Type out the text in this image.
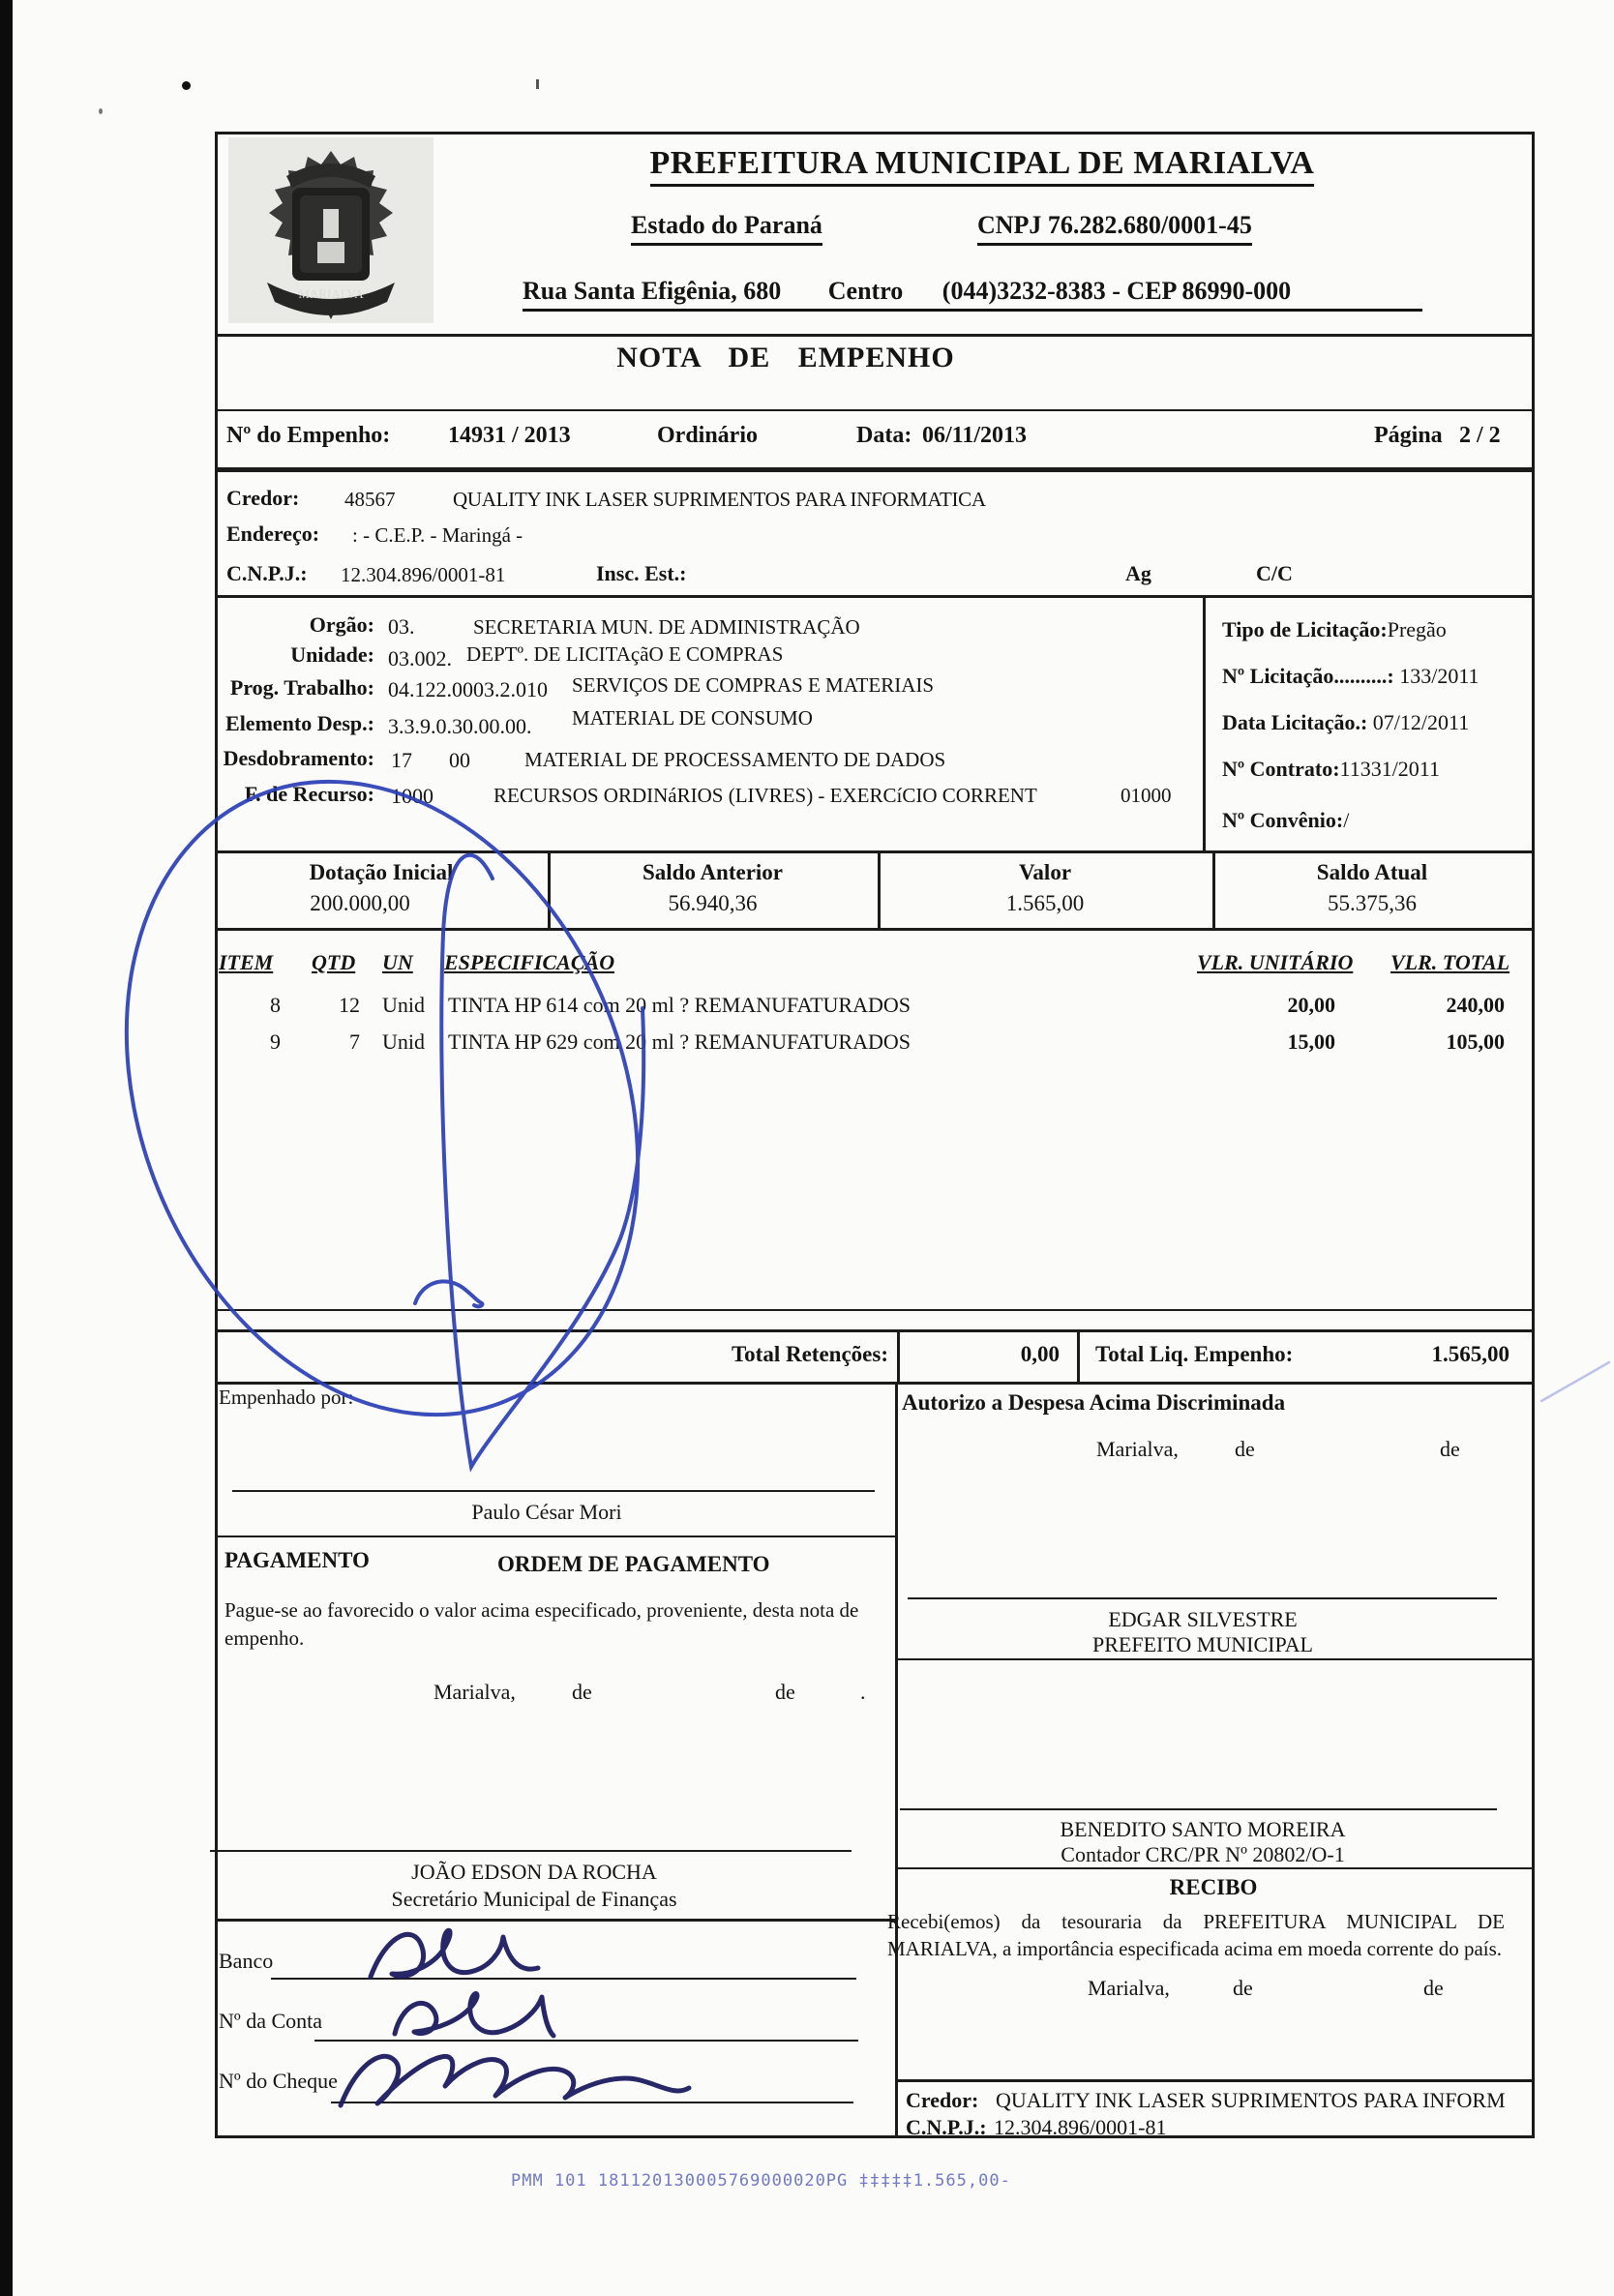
MARIALVA
PREFEITURA MUNICIPAL DE MARIALVA
Estado do Paraná	CNPJ 76.282.680/0001-45
Rua Santa Efigênia, 680 Centro (044)3232-8383 - CEP 86990-000
NOTA DE EMPENHO
Nº do Empenho: 14931 / 2013	Ordinário	Data: 06/11/2013	Página 2 / 2
Credor: 48567	QUALITY INK LASER SUPRIMENTOS PARA INFORMATICA
Endereço: : - C.E.P. - Maringá -
C.N.P.J.: 12.304.896/0001-81	Insc. Est.:	Ag	C/C
Orgão: 03.	SECRETARIA MUN. DE ADMINISTRAÇÃO
Unidade: 03.002. DEPTº. DE LICITAçãO E COMPRAS
Prog. Trabalho: 04.122.0003.2.010 SERVIÇOS DE COMPRAS E MATERIAIS
Elemento Desp.: 3.3.9.0.30.00.00. MATERIAL DE CONSUMO
Desdobramento: 17 00	MATERIAL DE PROCESSAMENTO DE DADOS
F. de Recurso: 1000	RECURSOS ORDINáRIOS (LIVRES) - EXERCíCIO CORRENT	01000
Tipo de Licitação:Pregão
Nº Licitação..........: 133/2011
Data Licitação.: 07/12/2011
Nº Contrato:11331/2011
Nº Convênio:/
Dotação Inicial
200.000,00
Saldo Anterior
56.940,36
Valor
1.565,00
Saldo Atual
55.375,36
ITEM QTD UN ESPECIFICAÇÃO	VLR. UNITÁRIO VLR. TOTAL
8	12 Unid TINTA HP 614 com 20 ml ? REMANUFATURADOS	20,00	240,00
9	7 Unid TINTA HP 629 com 20 ml ? REMANUFATURADOS	15,00	105,00
Total Retenções:	0,00 Total Liq. Empenho:	1.565,00
Empenhado por:
Paulo César Mori
PAGAMENTO	ORDEM DE PAGAMENTO
Pague-se ao favorecido o valor acima especificado, proveniente, desta nota de empenho.
Marialva,	de	de	.
JOÃO EDSON DA ROCHA
Secretário Municipal de Finanças
Banco
Nº da Conta
Nº do Cheque
Autorizo a Despesa Acima Discriminada
Marialva,	de	de
EDGAR SILVESTRE
PREFEITO MUNICIPAL
BENEDITO SANTO MOREIRA
Contador CRC/PR Nº 20802/O-1
RECIBO
Recebi(emos) da tesouraria da PREFEITURA MUNICIPAL DE MARIALVA, a importância especificada acima em moeda corrente do país.
Marialva,	de	de
Credor: QUALITY INK LASER SUPRIMENTOS PARA INFORM
C.N.P.J.: 12.304.896/0001-81
PMM 101 181120130005769000020PG ‡‡‡‡‡1.565,00-
